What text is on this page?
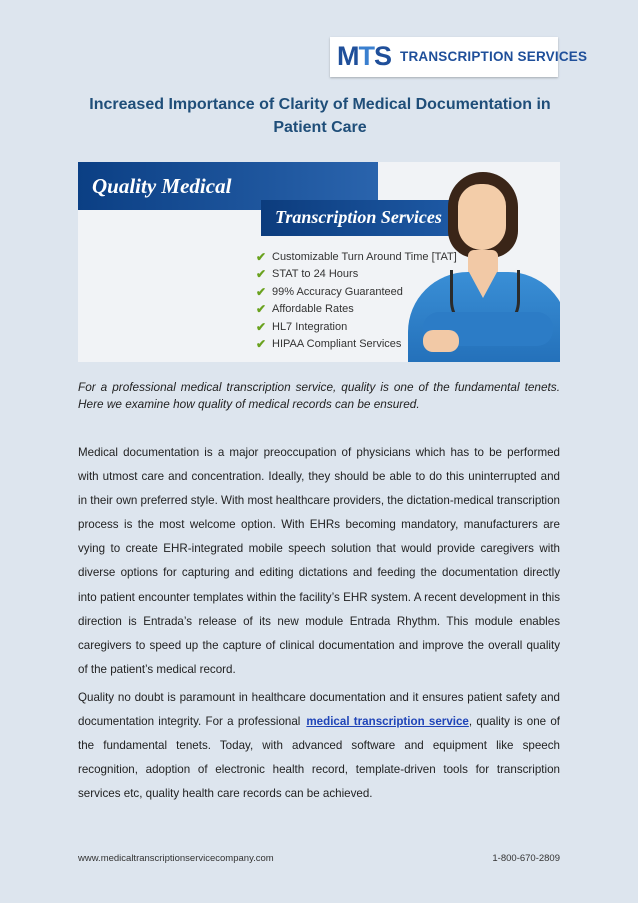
MTS TRANSCRIPTION SERVICES
Increased Importance of Clarity of Medical Documentation in Patient Care
Quality Medical
Transcription Services
✔ Customizable Turn Around Time [TAT]
✔ STAT to 24 Hours
✔ 99% Accuracy Guaranteed
✔ Affordable Rates
✔ HL7 Integration
✔ HIPAA Compliant Services
For a professional medical transcription service, quality is one of the fundamental tenets. Here we examine how quality of medical records can be ensured.

Medical documentation is a major preoccupation of physicians which has to be performed with utmost care and concentration. Ideally, they should be able to do this uninterrupted and in their own preferred style. With most healthcare providers, the dictation-medical transcription process is the most welcome option. With EHRs becoming mandatory, manufacturers are vying to create EHR-integrated mobile speech solution that would provide caregivers with diverse options for capturing and editing dictations and feeding the documentation directly into patient encounter templates within the facility’s EHR system. A recent development in this direction is Entrada’s release of its new module Entrada Rhythm. This module enables caregivers to speed up the capture of clinical documentation and improve the overall quality of the patient’s medical record.

Quality no doubt is paramount in healthcare documentation and it ensures patient safety and documentation integrity. For a professional medical transcription service, quality is one of the fundamental tenets. Today, with advanced software and equipment like speech recognition, adoption of electronic health record, template-driven tools for transcription services etc, quality health care records can be achieved.

www.medicaltranscriptionservicecompany.com	1-800-670-2809
